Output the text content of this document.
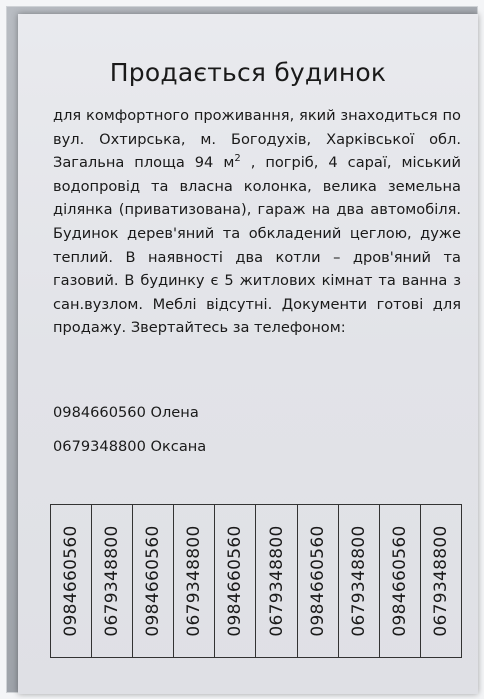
Продається будинок
для комфортного проживання, який знаходиться по вул. Охтирська, м. Богодухів, Харківської обл. Загальна площа 94 $м^2$ , погріб, 4 сараї, міський водопровід та власна колонка, велика земельна ділянка (приватизована), гараж на два автомобіля. Будинок дерев'яний та обкладений цеглою, дуже теплий. В наявності два котли – дров'яний та газовий. В будинку є 5 житлових кімнат та ванна з сан.вузлом. Меблі відсутні. Документи готові для продажу. Звертайтесь за телефоном:
0984660560 Олена
0679348800 Оксана
0984660560 0679348800 0984660560 0679348800 0984660560 0679348800 0984660560 0679348800 0984660560 0679348800
